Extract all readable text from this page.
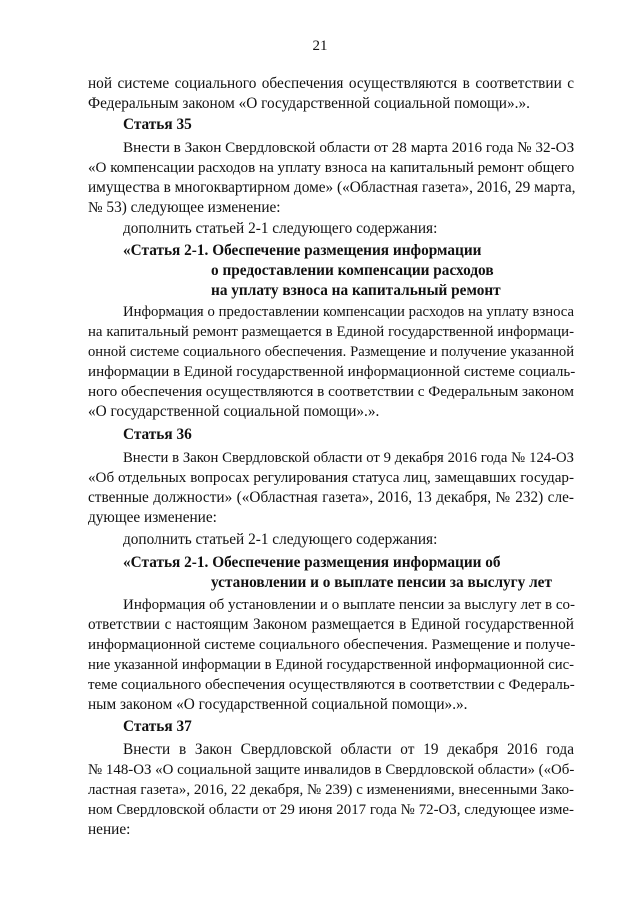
21
ной системе социального обеспечения осуществляются в соответствии с
Федеральным законом «О государственной социальной помощи».».
Статья 35
Внести в Закон Свердловской области от 28 марта 2016 года № 32-ОЗ
«О компенсации расходов на уплату взноса на капитальный ремонт общего
имущества в многоквартирном доме» («Областная газета», 2016, 29 марта,
№ 53) следующее изменение:
дополнить статьей 2-1 следующего содержания:
«Статья 2-1. Обеспечение размещения информации
о предоставлении компенсации расходов
на уплату взноса на капитальный ремонт
Информация о предоставлении компенсации расходов на уплату взноса
на капитальный ремонт размещается в Единой государственной информаци-
онной системе социального обеспечения. Размещение и получение указанной
информации в Единой государственной информационной системе социаль-
ного обеспечения осуществляются в соответствии с Федеральным законом
«О государственной социальной помощи».».
Статья 36
Внести в Закон Свердловской области от 9 декабря 2016 года № 124-ОЗ
«Об отдельных вопросах регулирования статуса лиц, замещавших государ-
ственные должности» («Областная газета», 2016, 13 декабря, № 232) сле-
дующее изменение:
дополнить статьей 2-1 следующего содержания:
«Статья 2-1. Обеспечение размещения информации об
установлении и о выплате пенсии за выслугу лет
Информация об установлении и о выплате пенсии за выслугу лет в со-
ответствии с настоящим Законом размещается в Единой государственной
информационной системе социального обеспечения. Размещение и получе-
ние указанной информации в Единой государственной информационной сис-
теме социального обеспечения осуществляются в соответствии с Федераль-
ным законом «О государственной социальной помощи».».
Статья 37
Внести в Закон Свердловской области от 19 декабря 2016 года
№ 148-ОЗ «О социальной защите инвалидов в Свердловской области» («Об-
ластная газета», 2016, 22 декабря, № 239) с изменениями, внесенными Зако-
ном Свердловской области от 29 июня 2017 года № 72-ОЗ, следующее изме-
нение:
